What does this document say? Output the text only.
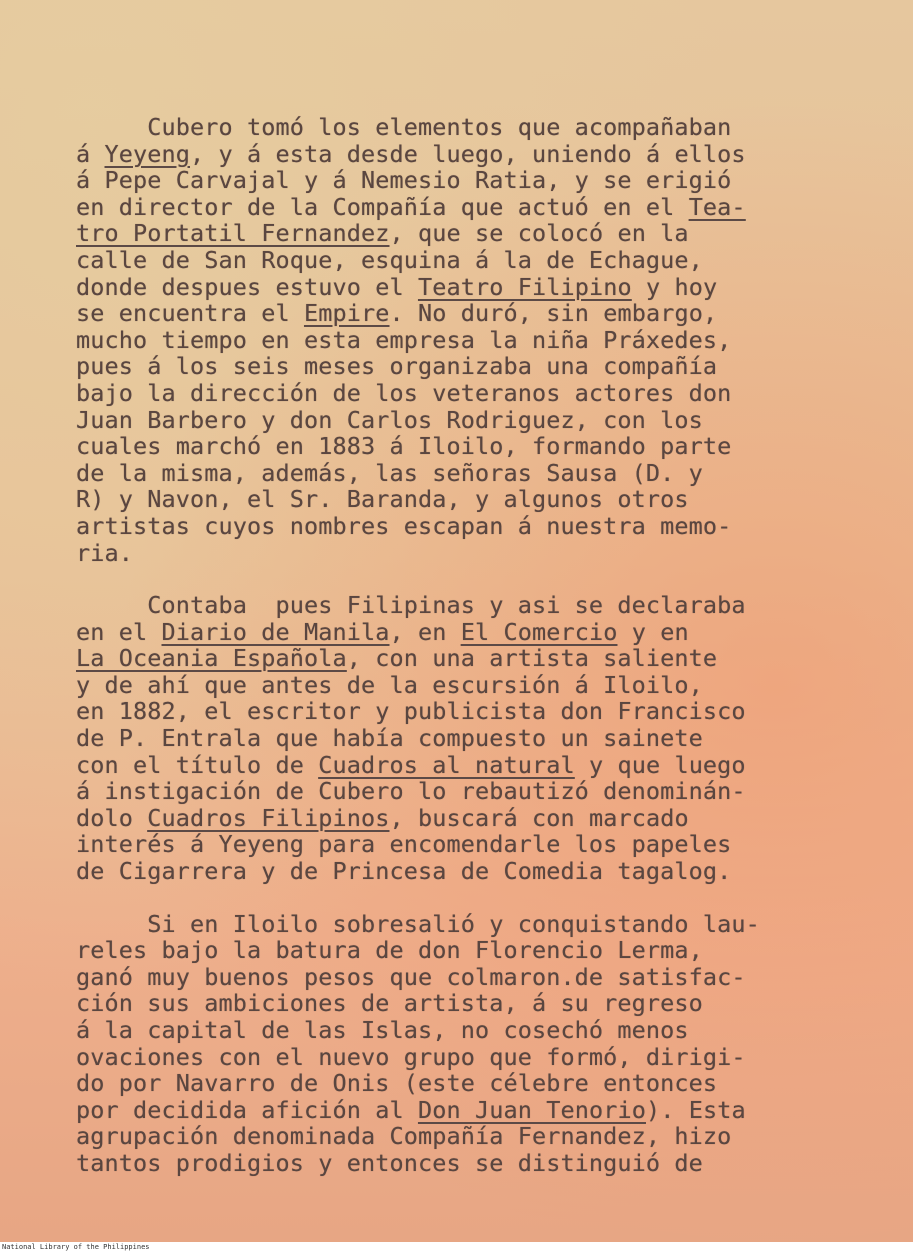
Cubero tomó los elementos que acompañaban
á Yeyeng, y á esta desde luego, uniendo á ellos
á Pepe Carvajal y á Nemesio Ratia, y se erigió
en director de la Compañía que actuó en el Tea-
tro Portatil Fernandez, que se colocó en la
calle de San Roque, esquina á la de Echague,
donde despues estuvo el Teatro Filipino y hoy
se encuentra el Empire. No duró, sin embargo,
mucho tiempo en esta empresa la niña Práxedes,
pues á los seis meses organizaba una compañía
bajo la dirección de los veteranos actores don
Juan Barbero y don Carlos Rodriguez, con los
cuales marchó en 1883 á Iloilo, formando parte
de la misma, además, las señoras Sausa (D. y
R) y Navon, el Sr. Baranda, y algunos otros
artistas cuyos nombres escapan á nuestra memo-
ria.
Contaba  pues Filipinas y asi se declaraba
en el Diario de Manila, en El Comercio y en
La Oceania Española, con una artista saliente
y de ahí que antes de la escursión á Iloilo,
en 1882, el escritor y publicista don Francisco
de P. Entrala que había compuesto un sainete
con el título de Cuadros al natural y que luego
á instigación de Cubero lo rebautizó denominán-
dolo Cuadros Filipinos, buscará con marcado
interés á Yeyeng para encomendarle los papeles
de Cigarrera y de Princesa de Comedia tagalog.
Si en Iloilo sobresalió y conquistando lau-
reles bajo la batura de don Florencio Lerma,
ganó muy buenos pesos que colmaron.de satisfac-
ción sus ambiciones de artista, á su regreso
á la capital de las Islas, no cosechó menos
ovaciones con el nuevo grupo que formó, dirigi-
do por Navarro de Onis (este célebre entonces
por decidida afición al Don Juan Tenorio). Esta
agrupación denominada Compañía Fernandez, hizo
tantos prodigios y entonces se distinguió de
National Library of the Philippines
